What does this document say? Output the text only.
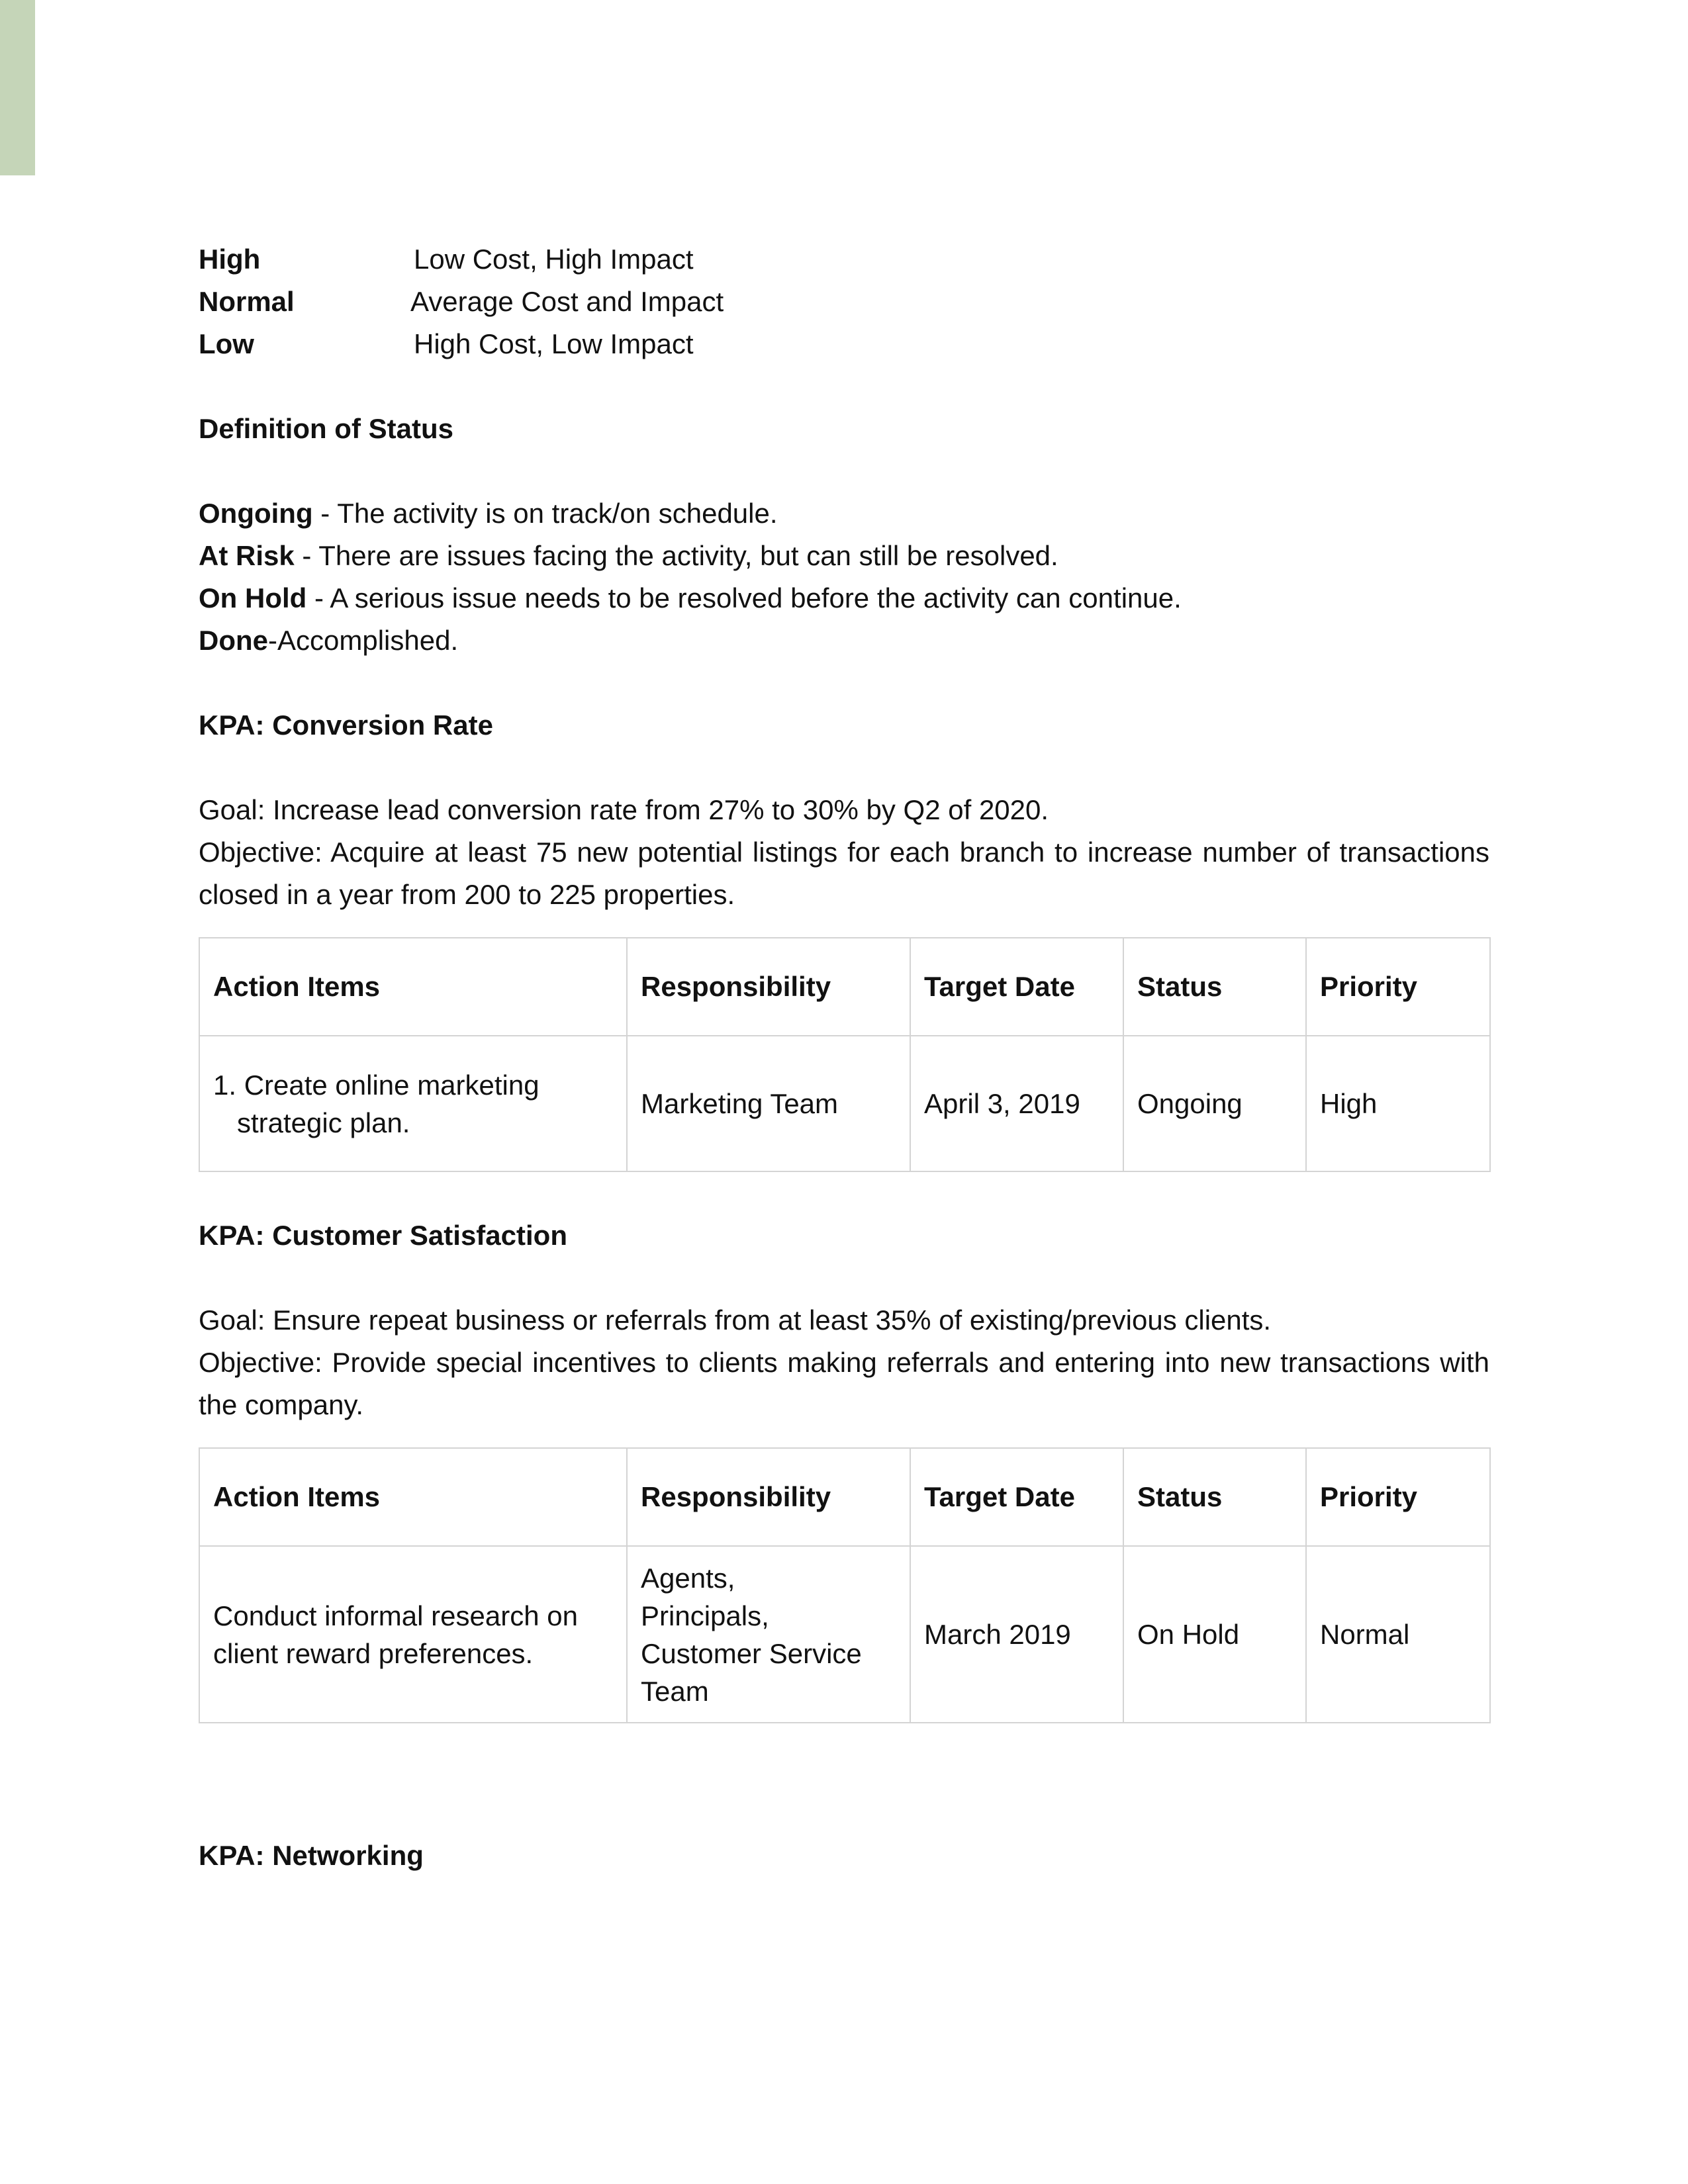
High	Low Cost, High Impact
Normal	Average Cost and Impact
Low	High Cost, Low Impact

Definition of Status

Ongoing - The activity is on track/on schedule.

At Risk - There are issues facing the activity, but can still be resolved.

On Hold - A serious issue needs to be resolved before the activity can continue.

Done-Accomplished.

KPA: Conversion Rate

Goal: Increase lead conversion rate from 27% to 30% by Q2 of 2020.

Objective: Acquire at least 75 new potential listings for each branch to increase number of transactions closed in a year from 200 to 225 properties.

Action Items	Responsibility	Target Date	Status	Priority

1. Create online marketing strategic plan.	Marketing Team	April 3, 2019	Ongoing	High

KPA: Customer Satisfaction

Goal: Ensure repeat business or referrals from at least 35% of existing/previous clients.

Objective: Provide special incentives to clients making referrals and entering into new transactions with the company.

Action Items	Responsibility	Target Date	Status	Priority
Conduct informal research on client reward preferences.	Agents, Principals, Customer Service Team	March 2019	On Hold	Normal

KPA: Networking
